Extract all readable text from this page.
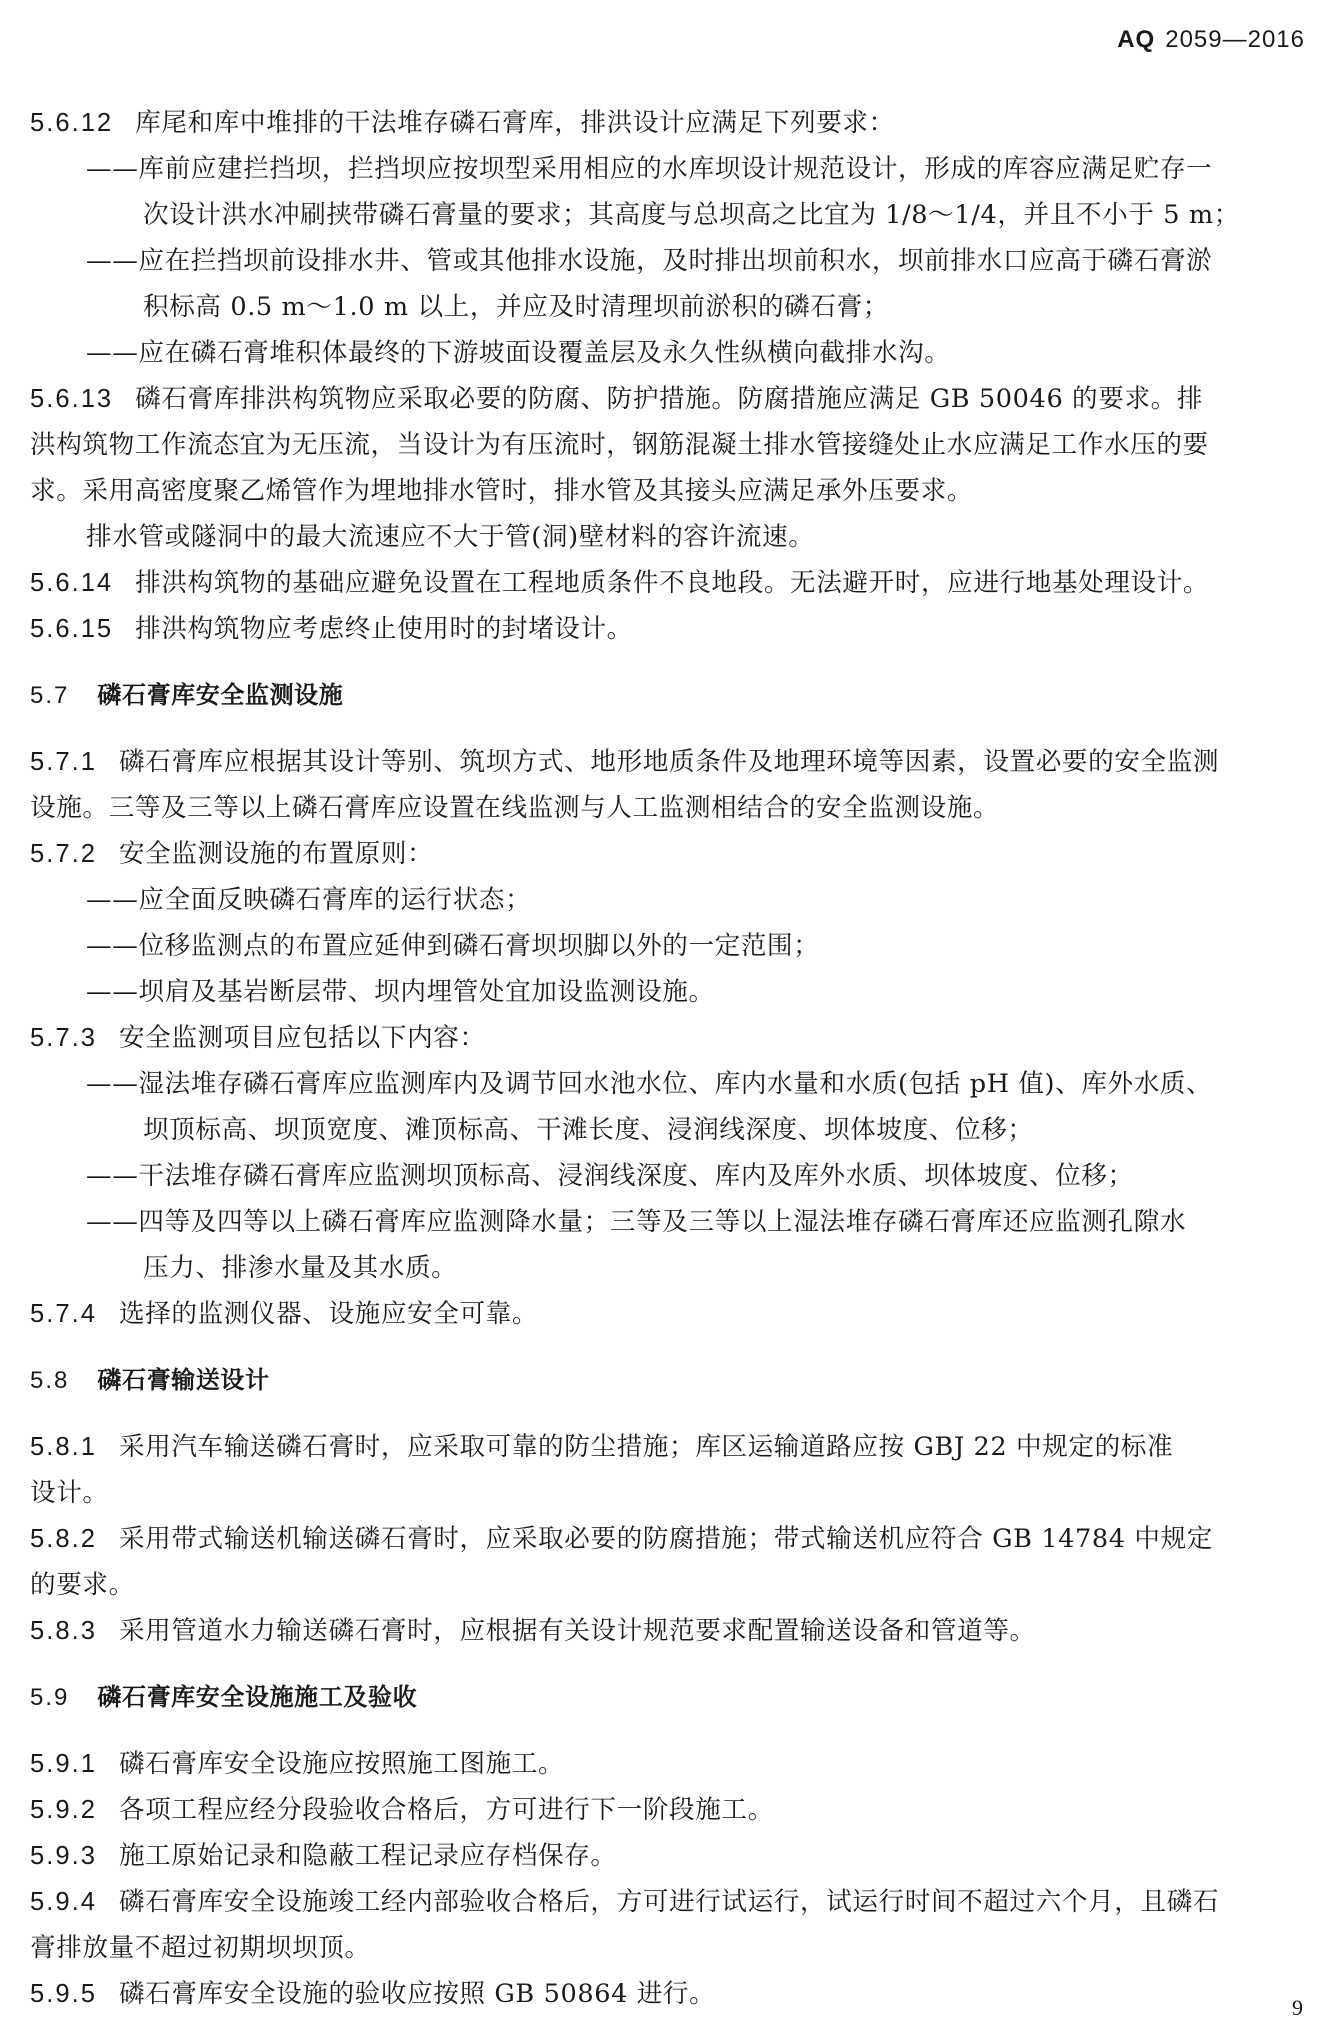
AQ 2059—2016
5.6.12 库尾和库中堆排的干法堆存磷石膏库，排洪设计应满足下列要求：
——库前应建拦挡坝，拦挡坝应按坝型采用相应的水库坝设计规范设计，形成的库容应满足贮存一
次设计洪水冲刷挟带磷石膏量的要求；其高度与总坝高之比宜为 1/8～1/4，并且不小于 5 m；
——应在拦挡坝前设排水井、管或其他排水设施，及时排出坝前积水，坝前排水口应高于磷石膏淤
积标高 0.5 m～1.0 m 以上，并应及时清理坝前淤积的磷石膏；
——应在磷石膏堆积体最终的下游坡面设覆盖层及永久性纵横向截排水沟。
5.6.13 磷石膏库排洪构筑物应采取必要的防腐、防护措施。防腐措施应满足 GB 50046 的要求。排
洪构筑物工作流态宜为无压流，当设计为有压流时，钢筋混凝土排水管接缝处止水应满足工作水压的要
求。采用高密度聚乙烯管作为埋地排水管时，排水管及其接头应满足承外压要求。
排水管或隧洞中的最大流速应不大于管(洞)壁材料的容许流速。
5.6.14 排洪构筑物的基础应避免设置在工程地质条件不良地段。无法避开时，应进行地基处理设计。
5.6.15 排洪构筑物应考虑终止使用时的封堵设计。
5.7 磷石膏库安全监测设施
5.7.1 磷石膏库应根据其设计等别、筑坝方式、地形地质条件及地理环境等因素，设置必要的安全监测
设施。三等及三等以上磷石膏库应设置在线监测与人工监测相结合的安全监测设施。
5.7.2 安全监测设施的布置原则：
——应全面反映磷石膏库的运行状态；
——位移监测点的布置应延伸到磷石膏坝坝脚以外的一定范围；
——坝肩及基岩断层带、坝内埋管处宜加设监测设施。
5.7.3 安全监测项目应包括以下内容：
——湿法堆存磷石膏库应监测库内及调节回水池水位、库内水量和水质(包括 pH 值)、库外水质、
坝顶标高、坝顶宽度、滩顶标高、干滩长度、浸润线深度、坝体坡度、位移；
——干法堆存磷石膏库应监测坝顶标高、浸润线深度、库内及库外水质、坝体坡度、位移；
——四等及四等以上磷石膏库应监测降水量；三等及三等以上湿法堆存磷石膏库还应监测孔隙水
压力、排渗水量及其水质。
5.7.4 选择的监测仪器、设施应安全可靠。
5.8 磷石膏输送设计
5.8.1 采用汽车输送磷石膏时，应采取可靠的防尘措施；库区运输道路应按 GBJ 22 中规定的标准
设计。
5.8.2 采用带式输送机输送磷石膏时，应采取必要的防腐措施；带式输送机应符合 GB 14784 中规定
的要求。
5.8.3 采用管道水力输送磷石膏时，应根据有关设计规范要求配置输送设备和管道等。
5.9 磷石膏库安全设施施工及验收
5.9.1 磷石膏库安全设施应按照施工图施工。
5.9.2 各项工程应经分段验收合格后，方可进行下一阶段施工。
5.9.3 施工原始记录和隐蔽工程记录应存档保存。
5.9.4 磷石膏库安全设施竣工经内部验收合格后，方可进行试运行，试运行时间不超过六个月，且磷石
膏排放量不超过初期坝坝顶。
5.9.5 磷石膏库安全设施的验收应按照 GB 50864 进行。	9
